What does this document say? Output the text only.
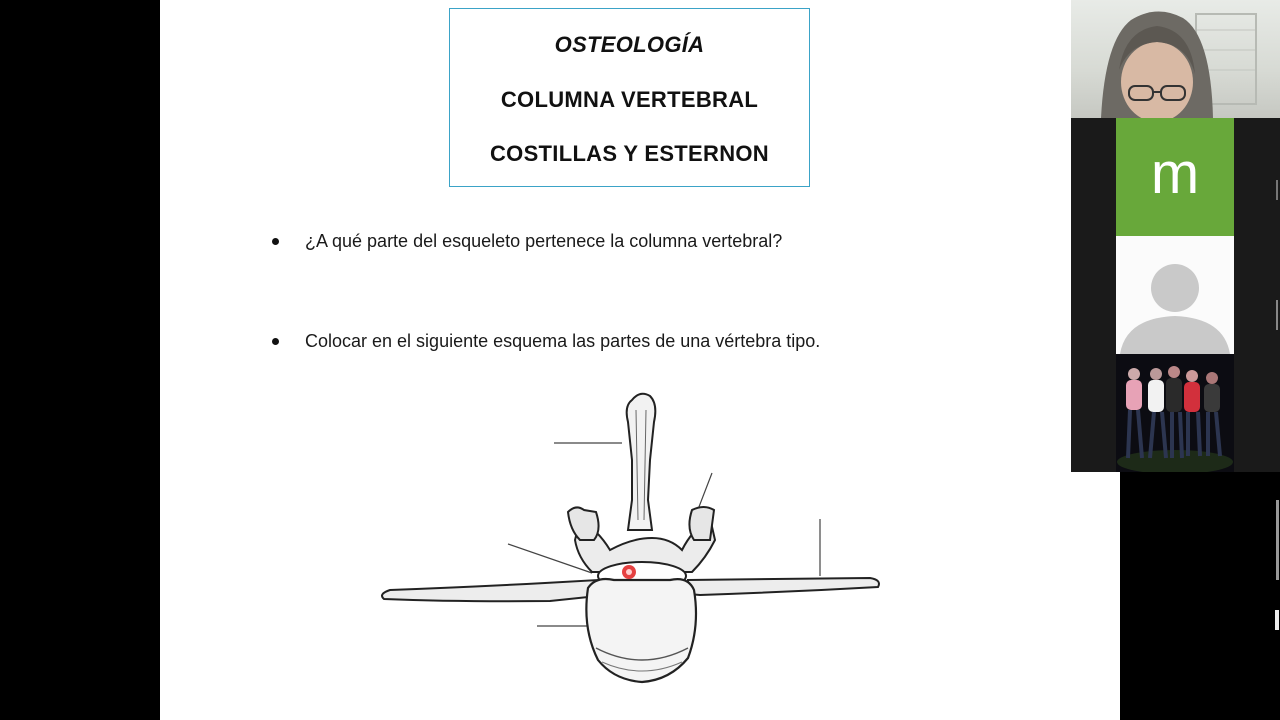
OSTEOLOGÍA
COLUMNA VERTEBRAL
COSTILLAS Y ESTERNON
¿A qué parte del esqueleto pertenece la columna vertebral?
Colocar en el siguiente esquema las partes de una vértebra tipo.
m
